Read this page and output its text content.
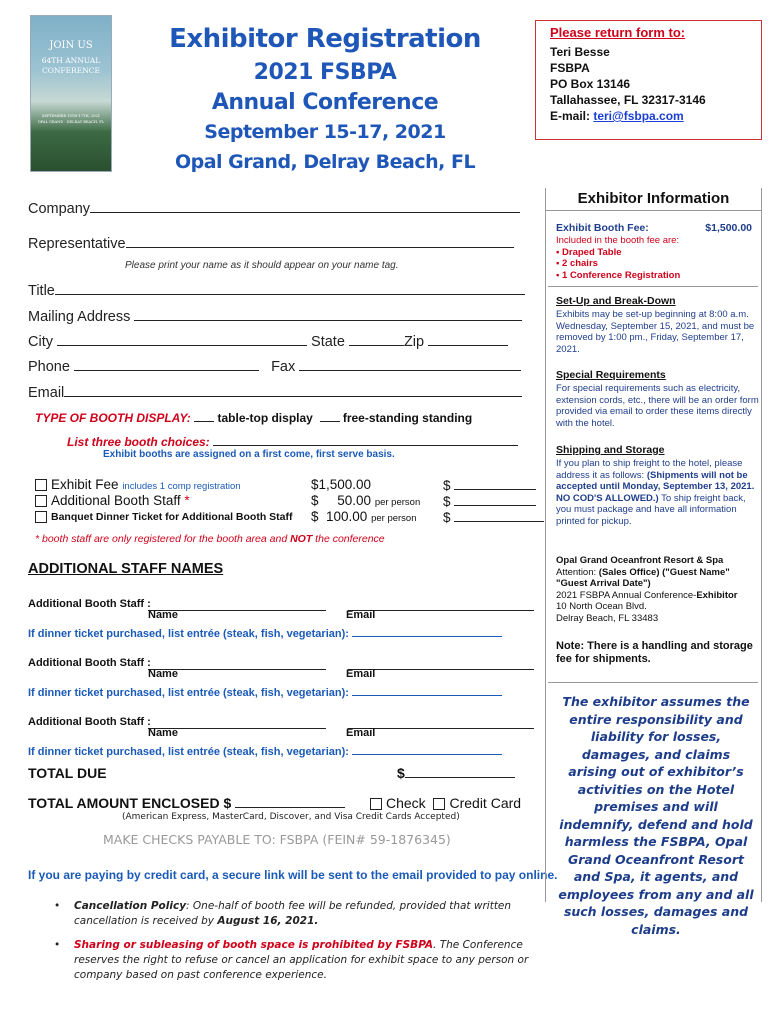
JOIN US
64TH ANNUAL
CONFERENCE
SEPTEMBER 15TH-17TH, 2021
OPAL GRAND · DELRAY BEACH, FL
Exhibitor Registration
2021 FSBPA
Annual Conference
September 15-17, 2021
Opal Grand, Delray Beach, FL
Please return form to:
Teri Besse
FSBPA
PO Box 13146
Tallahassee, FL 32317-3146
E-mail: teri@fsbpa.com
Company
Representative
Please print your name as it should appear on your name tag.
Title
Mailing Address
City	State	Zip
Phone	Fax
Email
TYPE OF BOOTH DISPLAY: table-top display	free-standing standing
List three booth choices:
Exhibit booths are assigned on a first come, first serve basis.
Exhibit Fee includes 1 comp registration	$1,500.00	$
Additional Booth Staff *	$     50.00 per person $
Banquet Dinner Ticket for Additional Booth Staff $  100.00 per person $
* booth staff are only registered for the booth area and NOT the conference
ADDITIONAL STAFF NAMES
Additional Booth Staff :
Name	Email
If dinner ticket purchased, list entrée (steak, fish, vegetarian):
Additional Booth Staff :
Name	Email
If dinner ticket purchased, list entrée (steak, fish, vegetarian):
Additional Booth Staff :
Name	Email
If dinner ticket purchased, list entrée (steak, fish, vegetarian):
TOTAL DUE	$
TOTAL AMOUNT ENCLOSED $	Check Credit Card
(American Express, MasterCard, Discover, and Visa Credit Cards Accepted)
MAKE CHECKS PAYABLE TO: FSBPA (FEIN# 59-1876345)
If you are paying by credit card, a secure link will be sent to the email provided to pay online.
• Cancellation Policy: One-half of booth fee will be refunded, provided that written cancellation is received by August 16, 2021.
• Sharing or subleasing of booth space is prohibited by FSBPA. The Conference reserves the right to refuse or cancel an application for exhibit space to any person or company based on past conference experience.
Exhibitor Information
Exhibit Booth Fee:	$1,500.00
Included in the booth fee are:
▪ Draped Table
▪ 2 chairs
▪ 1 Conference Registration
Set-Up and Break-Down
Exhibits may be set-up beginning at 8:00 a.m. Wednesday, September 15, 2021, and must be removed by 1:00 pm., Friday, September 17, 2021.
Special Requirements
For special requirements such as electricity, extension cords, etc., there will be an order form provided via email to order these items directly with the hotel.
Shipping and Storage
If you plan to ship freight to the hotel, please address it as follows: (Shipments will not be accepted until Monday, September 13, 2021. NO COD'S ALLOWED.) To ship freight back, you must package and have all information printed for pickup.
Opal Grand Oceanfront Resort & Spa
Attention: (Sales Office) ("Guest Name" "Guest Arrival Date")
2021 FSBPA Annual Conference-Exhibitor
10 North Ocean Blvd.
Delray Beach, FL 33483
Note: There is a handling and storage fee for shipments.
The exhibitor assumes the entire responsibility and liability for losses, damages, and claims arising out of exhibitor’s activities on the Hotel premises and will indemnify, defend and hold harmless the FSBPA, Opal Grand Oceanfront Resort and Spa, it agents, and employees from any and all such losses, damages and claims.
